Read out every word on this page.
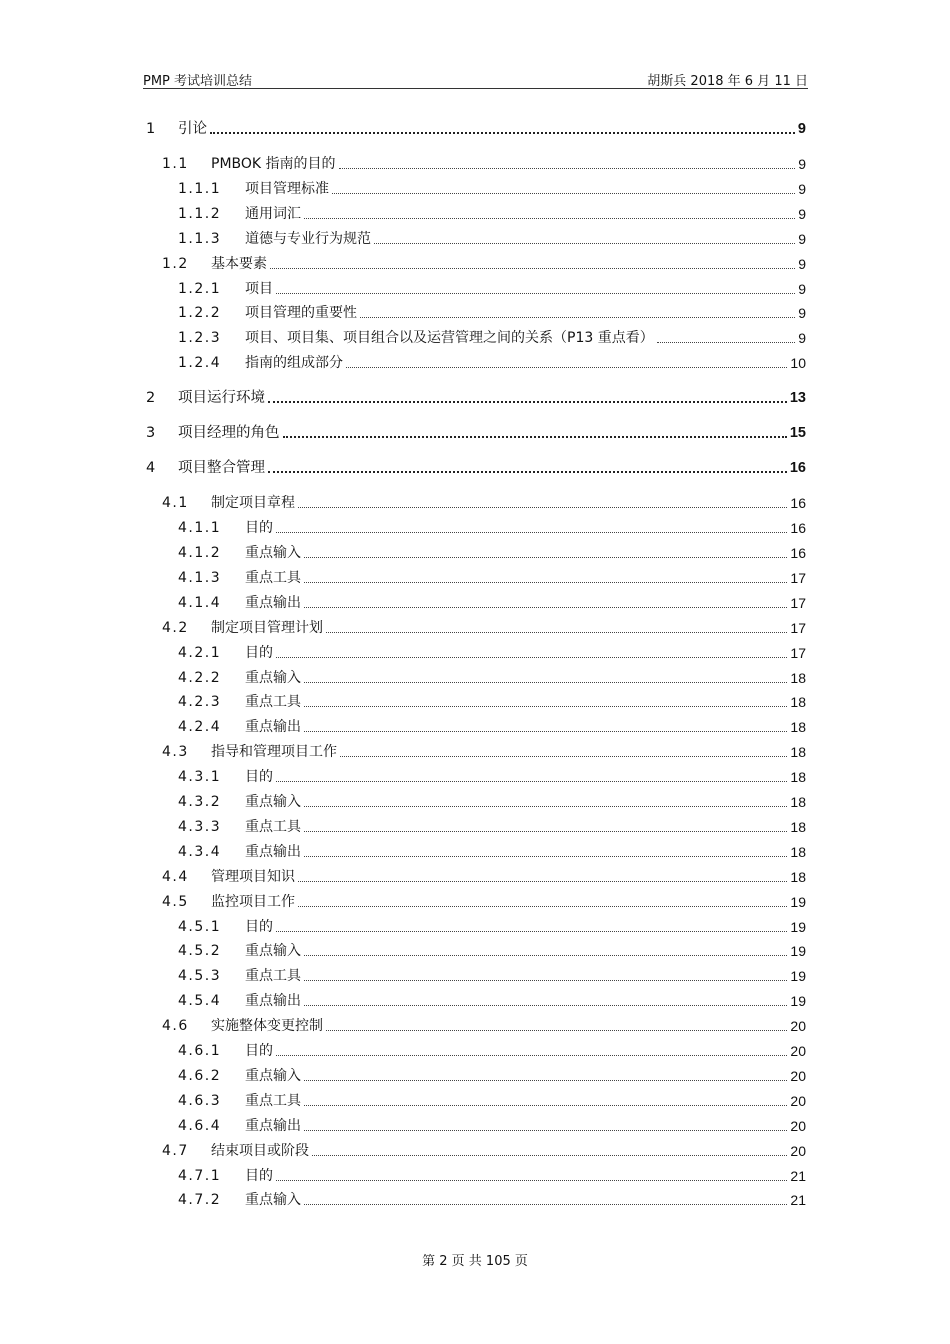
PMP 考试培训总结	胡斯兵 2018 年 6 月 11 日
1	引论	9
1.1	PMBOK 指南的目的	9
1.1.1	项目管理标准	9
1.1.2	通用词汇	9
1.1.3	道德与专业行为规范	9
1.2	基本要素	9
1.2.1	项目	9
1.2.2	项目管理的重要性	9
1.2.3	项目、项目集、项目组合以及运营管理之间的关系（P13 重点看）	9
1.2.4	指南的组成部分	10
2	项目运行环境	13
3	项目经理的角色	15
4	项目整合管理	16
4.1	制定项目章程	16
4.1.1	目的	16
4.1.2	重点输入	16
4.1.3	重点工具	17
4.1.4	重点输出	17
4.2	制定项目管理计划	17
4.2.1	目的	17
4.2.2	重点输入	18
4.2.3	重点工具	18
4.2.4	重点输出	18
4.3	指导和管理项目工作	18
4.3.1	目的	18
4.3.2	重点输入	18
4.3.3	重点工具	18
4.3.4	重点输出	18
4.4	管理项目知识	18
4.5	监控项目工作	19
4.5.1	目的	19
4.5.2	重点输入	19
4.5.3	重点工具	19
4.5.4	重点输出	19
4.6	实施整体变更控制	20
4.6.1	目的	20
4.6.2	重点输入	20
4.6.3	重点工具	20
4.6.4	重点输出	20
4.7	结束项目或阶段	20
4.7.1	目的	21
4.7.2	重点输入	21
第 2 页 共 105 页
